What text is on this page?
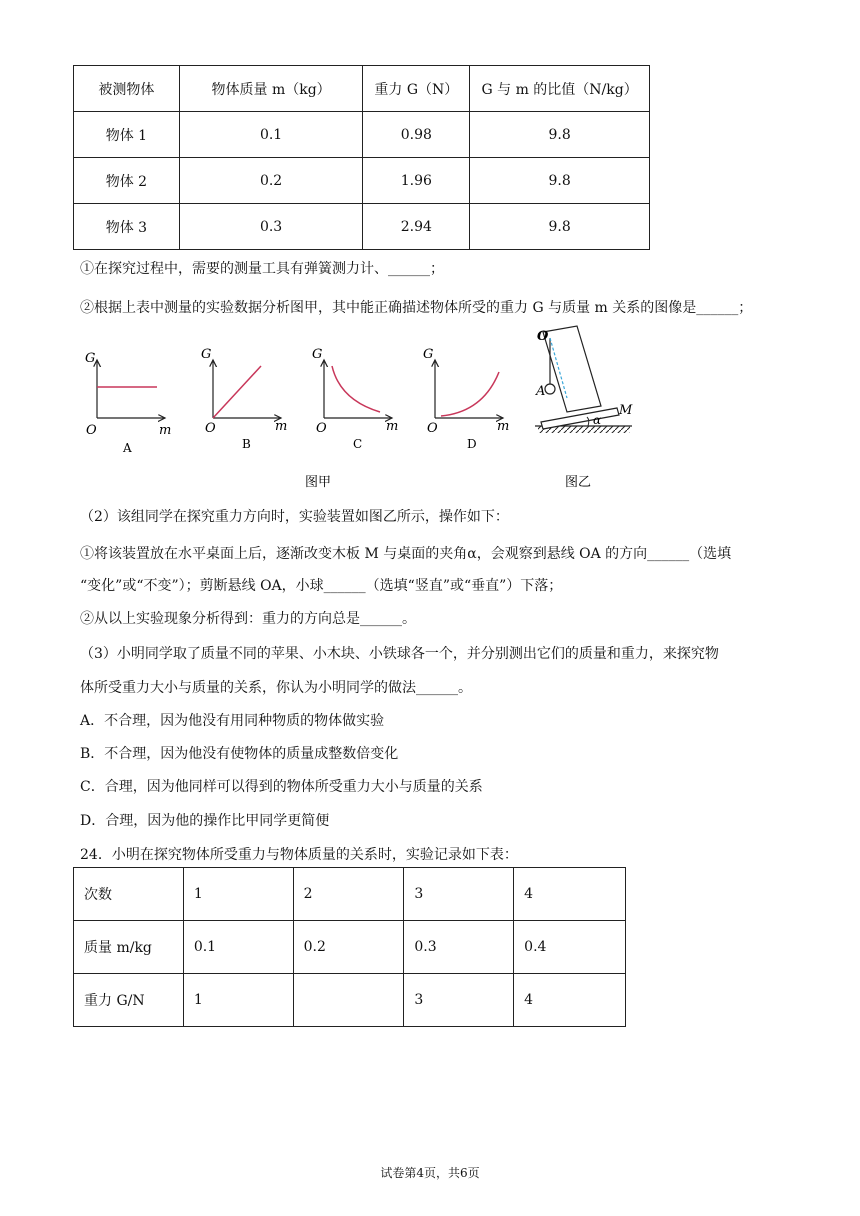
被测物体	物体质量 m（kg）	重力 G（N）	G 与 m 的比值（N/kg）
物体 1	0.1	0.98	9.8
物体 2	0.2	1.96	9.8
物体 3	0.3	2.94	9.8
①在探究过程中，需要的测量工具有弹簧测力计、______；
②根据上表中测量的实验数据分析图甲，其中能正确描述物体所受的重力 G 与质量 m 关系的图像是______；
G
m
O
A
G
m
O
B
G
m
O
C
G
m
O
D
O
A
M
α
图甲	图乙
（2）该组同学在探究重力方向时，实验装置如图乙所示，操作如下：
①将该装置放在水平桌面上后，逐渐改变木板 M 与桌面的夹角α，会观察到悬线 OA 的方向______（选填
“变化”或“不变”）；剪断悬线 OA，小球______（选填“竖直”或“垂直”）下落；
②从以上实验现象分析得到：重力的方向总是______。
（3）小明同学取了质量不同的苹果、小木块、小铁球各一个，并分别测出它们的质量和重力，来探究物
体所受重力大小与质量的关系，你认为小明同学的做法______。
A．不合理，因为他没有用同种物质的物体做实验
B．不合理，因为他没有使物体的质量成整数倍变化
C．合理，因为他同样可以得到的物体所受重力大小与质量的关系
D．合理，因为他的操作比甲同学更简便
24．小明在探究物体所受重力与物体质量的关系时，实验记录如下表：
次数	1	2	3	4
质量 m/kg	0.1	0.2	0.3	0.4
重力 G/N	1		3	4
试卷第4页，共6页
